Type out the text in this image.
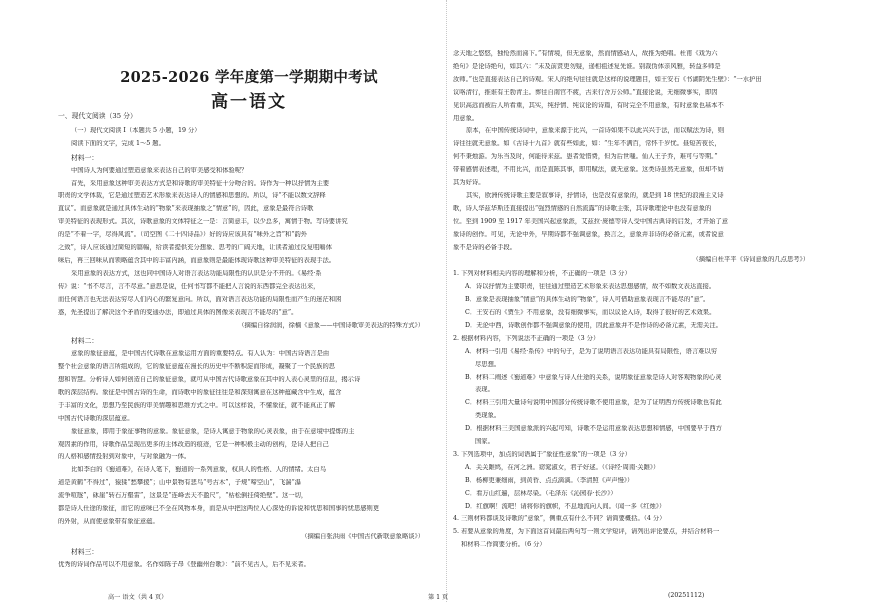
2025-2026 学年度第一学期期中考试
高一语文
一、现代文阅读（35 分）
（一）现代文阅读 I（本题共 5 小题，19 分）
阅读下面的文字，完成 1～5 题。
材料一：
中国诗人为何要通过塑造意象来表达自己的审美感受和体验呢？
首先，采用意象这种审美表达方式是和诗歌的审美特征十分吻合的。诗作为一种以抒情为主要
职责的文学体裁，它是通过塑造艺术形象来表达诗人的情感和思想的。所以，诗“不能以数文辞释
直议”。而意象就是通过具体生动的“物象”来表现抽象之“情意”的，因此，意象是最符合诗歌
审美特征的表现形式。其次，诗歌意象的文体特征之一是：言简意丰，以少总多，寓情于物。写诗要讲究
的是“不着一字，尽得风流”。（司空图《二十四诗品》）好的诗应该具有“味外之旨”和“韵外
之致”，诗人应该通过简短的篇幅，给读者提供充分想象、思考的广阔天地，让读者通过反复咀嚼体
味后，再三回味从而领略蕴含其中的丰富内涵，而意象则是最能体现诗歌这种审美特征的表现手法。
采用意象的表达方式，这也同中国诗人对语言表达功能局限性的认识是分不开的。《易经·系
传》说：“书不尽言，言不尽意。”意思是说，任何书写都不能把人言说的东西都完全表达出来，
而任何语言也无法表达穷尽人们内心的繁复意向。所以，面对语言表达功能的局限性而产生的迷茫和困
惑，先圣提出了解决这个矛盾的变通办法，即通过具体的图像来表现言不能尽的“意”。
（摘编自徐润润，徐楠《意象——中国诗歌审美表达的特殊方式》）
材料二：
意象的象征意蕴，是中国古代诗歌在意象运用方面的重要特点。有人认为：中国古诗语言是由
整个社会意象的语言所组成的，它的象征意蕴在漫长的历史中不断积淀而形成，凝聚了一个民族的思
想和智慧。分析诗人如何创造自己的象征意象，就可从中国古代诗歌意象在其中的人表心灵里的信息，揭示诗
歌的深层结构。象征是中国古诗的生命，而诗歌中的象征往往是和深刻寓意在这种蕴藏含中生成，蕴含
于丰富的文化，思想乃至民族的审美情趣和思维方式之中。可以这样说，不懂象征，就不能真正了解
中国古代诗歌的深层蕴意。
象征意象，即用于象征事物的意象。象征意象，是诗人寓意于物象的心灵表象，由于在意境中提炼的主
观因素的作用，诗歌作品呈现出更多的主体改造的痕迹，它是一种积极主动的创构，是诗人把自己
的人格和感情投射到对象中，与对象融为一体。
比如李白的《蜀道难》，在诗人笔下，蜀道的一系列意象，权具人的性格、人的情绪。太白鸟
道是黄鹤“不得过”，猿猱“愁攀援”；山中景物有悲鸟“号古木”，子规“啼空山”，飞湍“瀑
流争喧豗”，砯崖“转石万壑雷”，这景是“连峰去天不盈尺”，“枯松倒挂倚绝壁”。这一切，
都是诗人仕途的象征，而它的意味已不全在风物本身，而是从中把这两位人心深处的诉说和忧思和国事的忧思感则更
的外射，从而使意象带有象征意蕴。
（摘编自张洪雨《中国古代新联意象略谈》）
材料三：
优秀的诗词作品可以不用意象。名作如陈子昂《登幽州台歌》：“前不见古人，后不见来者。
念天地之悠悠，独怆然而涕下。”有情境，但无意象，然而情感动人，故推为绝唱。杜甫《戏为六
绝句》是论诗绝句，如其六：“未及前贤更勿疑，递相祖述复先谁。别裁伪体亲风雅，转益多师是
汝师。”也是直接表达自己的诗观。宋人的绝句往往就是这样的说理题目，如王安石《书湖阴先生壁》：“一水护田
议咯清行，推谁有王勃青主。葬往自南官不疲，古来行舍万公师。”直接论说，无细微事实，即因
见识高远而被后人所看重，其实，纯抒情、纯议论的诗篇，有时完全不用意象，有时意象也基本不
用意象。
原本，在中国传统诗词中，意象来源于比兴，一首诗如果不以此兴兴于法，而以赋法为诗，则
诗往往就无意象。如《古诗十九首》就有些如此，如：“生年不满百，常怀千岁忧。昼短苦夜长，
何不秉烛游。为乐当及时，何能待来兹。愚者爱惜费，但为后世嗤。仙人王子乔，难可与等期。”
带着感情表述理，不用比兴，而是直陈其事，即用赋法，就无意象。这类诗虽然无意象，但却不妨
其为好诗。
其实，欧洲传统诗歌主要是叙事诗，抒情诗，也是没有意象的，就是到 18 世纪的浪漫主义诗
歌，诗人华兹华斯还直接提出“强烈情感的自然流露”的诗歌主张，其诗歌理论中也没有意象的
位。至到 1909 至 1917 年美国兴起意象派，艾兹拉·庞德等诗人受中国古典诗的启发，才开始了意
象诗的创作。可见，无论中外，早期诗都不强调意象，换言之，意象并非诗的必备元素，或者说意
象不是诗的必备手段。
（摘编自杜平平《诗词意象的几点思考》）
1. 下列对材料相关内容的理解和分析，不正确的一项是（3 分）
A．诗以抒情为主要职责，往往通过塑造艺术形象来表达思想感情，故不如数文表达直接。
B．意象是表现抽象“情意”的具体生动的“物象”，诗人可借助意象表现言不能尽的“意”。
C．王安石的《贾生》不用意象，没有细微事实，而以议论入诗，取得了很好的艺术效果。
D．无论中西，诗歌创作都不强调意象的使用，因此意象并不是作诗的必备元素，无需关注。
2. 根据材料内容，下列说法不正确的一项是（3 分）
A．材料一引用《易经·系传》中的句子，是为了说明语言表达功能具有局限性，语言难以穷
尽思想。
B．材料二阐述《蜀道难》中意象与诗人仕途的关系，说明象征意象是诗人对客观物象的心灵
表现。
C．材料三引用大量诗句说明中国部分传统诗歌不使用意象，是为了证明西方传统诗歌也有此
类现象。
D．根据材料三美国意象派的兴起可知，诗歌不是运用意象表达思想和情感，中国要早于西方
国家。
3. 下列选项中，加点的词语属于“象征性意象”的一项是（3 分）
A．关关雎鸠，在河之洲。窈窕淑女，君子好逑。（《诗经·周南·关雎》）
B．杨柳更兼细雨，到黄昏、点点滴滴。（李清照《声声慢》）
C．看万山红遍，层林尽染。（毛泽东《沁园春·长沙》）
D．红旗啊！流吧！请将你的旗帜，不息地流向人间。（闻一多《红烛》）
4. 三则材料都谈及诗歌的“意象”，侧重点有什么不同？请简要概括。（4 分）
5. 若要从意象的角度，为下面这首词最后两句写一则文学短评，请列出评论要点，并结合材料一
和材料二作简要分析。（6 分）
高一 语文（共 4 页）	第 1 页	(20251112)
